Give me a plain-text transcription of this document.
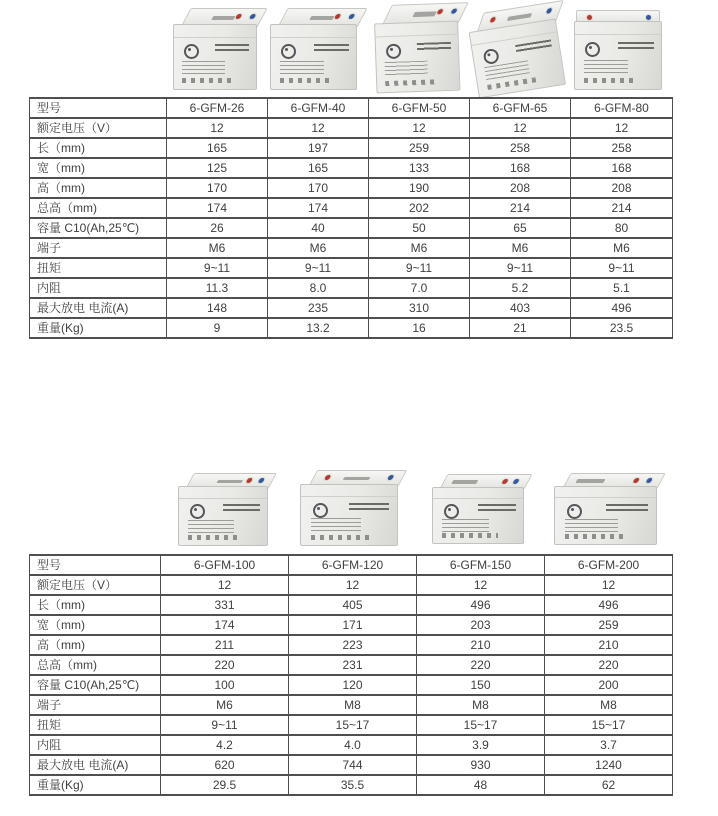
型号	6-GFM-26	6-GFM-40	6-GFM-50	6-GFM-65	6-GFM-80
额定电压（V）	12	12	12	12	12
长（mm)	165	197	259	258	258
宽（mm)	125	165	133	168	168
高（mm)	170	170	190	208	208
总高（mm)	174	174	202	214	214
容量 C10(Ah,25℃)	26	40	50	65	80
端子	M6	M6	M6	M6	M6
扭矩	9~11	9~11	9~11	9~11	9~11
内阻	11.3	8.0	7.0	5.2	5.1
最大放电 电流(A)	148	235	310	403	496
重量(Kg)	9	13.2	16	21	23.5
型号	6-GFM-100	6-GFM-120	6-GFM-150	6-GFM-200
额定电压（V）	12	12	12	12
长（mm)	331	405	496	496
宽（mm)	174	171	203	259
高（mm)	211	223	210	210
总高（mm)	220	231	220	220
容量 C10(Ah,25℃)	100	120	150	200
端子	M6	M8	M8	M8
扭矩	9~11	15~17	15~17	15~17
内阻	4.2	4.0	3.9	3.7
最大放电 电流(A)	620	744	930	1240
重量(Kg)	29.5	35.5	48	62
